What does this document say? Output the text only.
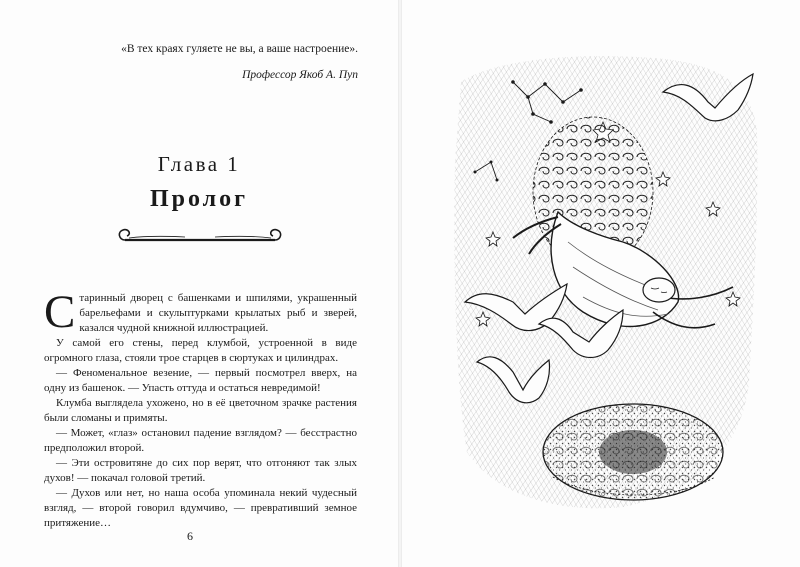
«В тех краях гуляете не вы, а ваше настроение».
Профессор Якоб А. Пуп
Глава 1
Пролог

Старинный дворец с башенками и шпилями, украшенный барельефами и скульптурками крылатых рыб и зверей, казался чудной книжной иллюстрацией.

У самой его стены, перед клумбой, устроенной в виде огромного глаза, стояли трое старцев в сюртуках и цилиндрах.

— Феноменальное везение, — первый посмотрел вверх, на одну из башенок. — Упасть оттуда и остаться невредимой!

Клумба выглядела ухожено, но в её цветочном зрачке растения были сломаны и примяты.

— Может, «глаз» остановил падение взглядом? — бесстрастно предположил второй.

— Эти островитяне до сих пор верят, что отгоняют так злых духов! — покачал головой третий.

— Духов или нет, но наша особа упоминала некий чудесный взгляд, — второй говорил вдумчиво, — превративший земное притяжение…

6
